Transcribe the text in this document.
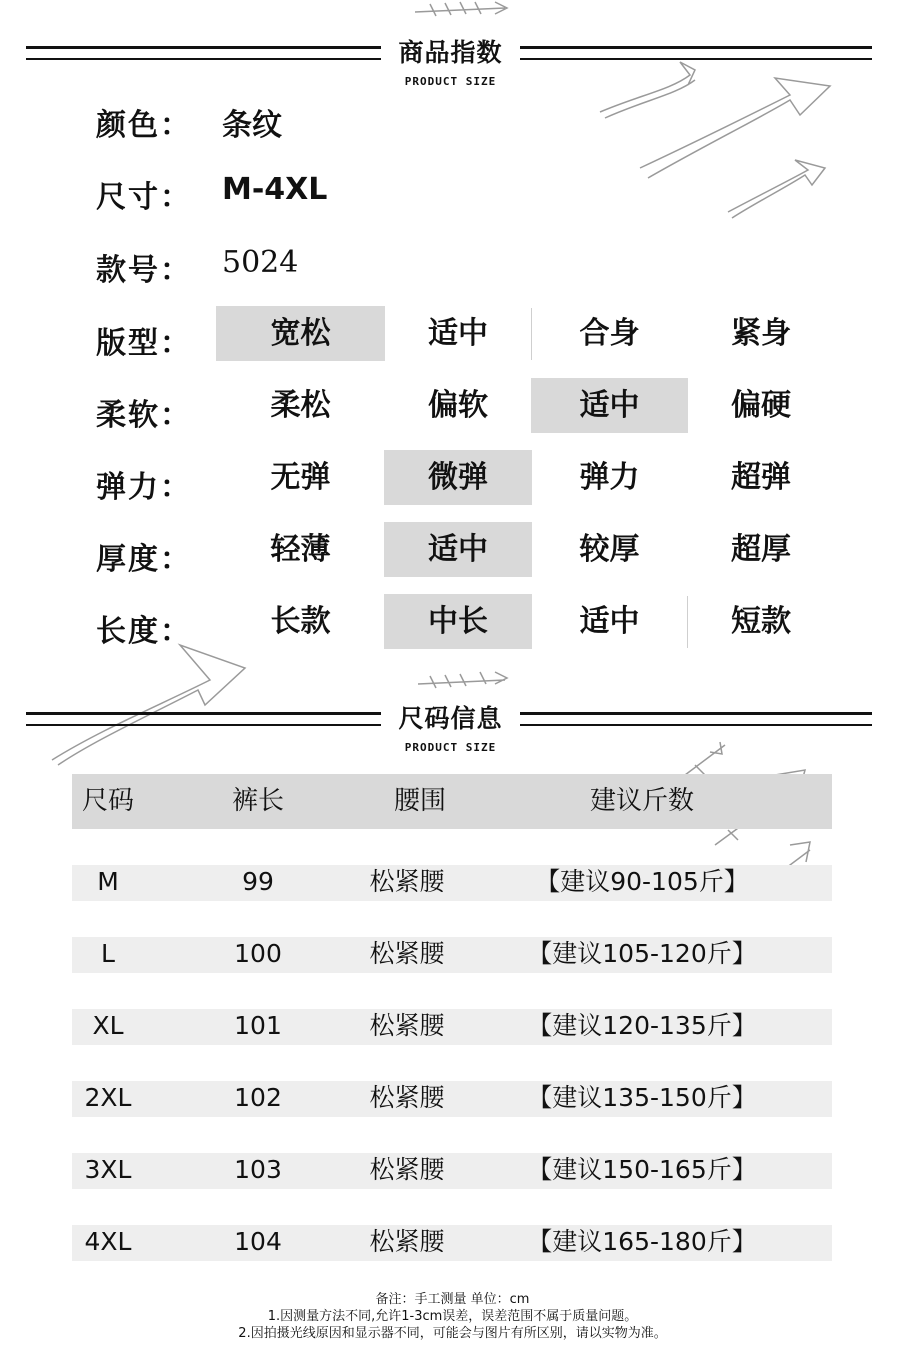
商品指数
PRODUCT SIZE
颜色： 条纹
尺寸： M-4XL
款号： 5024
版型：	宽松	适中	合身	紧身
柔软：	柔松	偏软	适中	偏硬
弹力：	无弹	微弹	弹力	超弹
厚度：	轻薄	适中	较厚	超厚
长度：	长款	中长	适中	短款
尺码信息
PRODUCT SIZE
尺码	裤长	腰围	建议斤数
M	99	松紧腰	【建议90-105斤】
L	100	松紧腰	【建议105-120斤】
XL	101	松紧腰	【建议120-135斤】
2XL	102	松紧腰	【建议135-150斤】
3XL	103	松紧腰	【建议150-165斤】
4XL	104	松紧腰	【建议165-180斤】
备注：手工测量 单位：cm
1.因测量方法不同,允许1-3cm误差，误差范围不属于质量问题。
2.因拍摄光线原因和显示器不同，可能会与图片有所区别，请以实物为准。
